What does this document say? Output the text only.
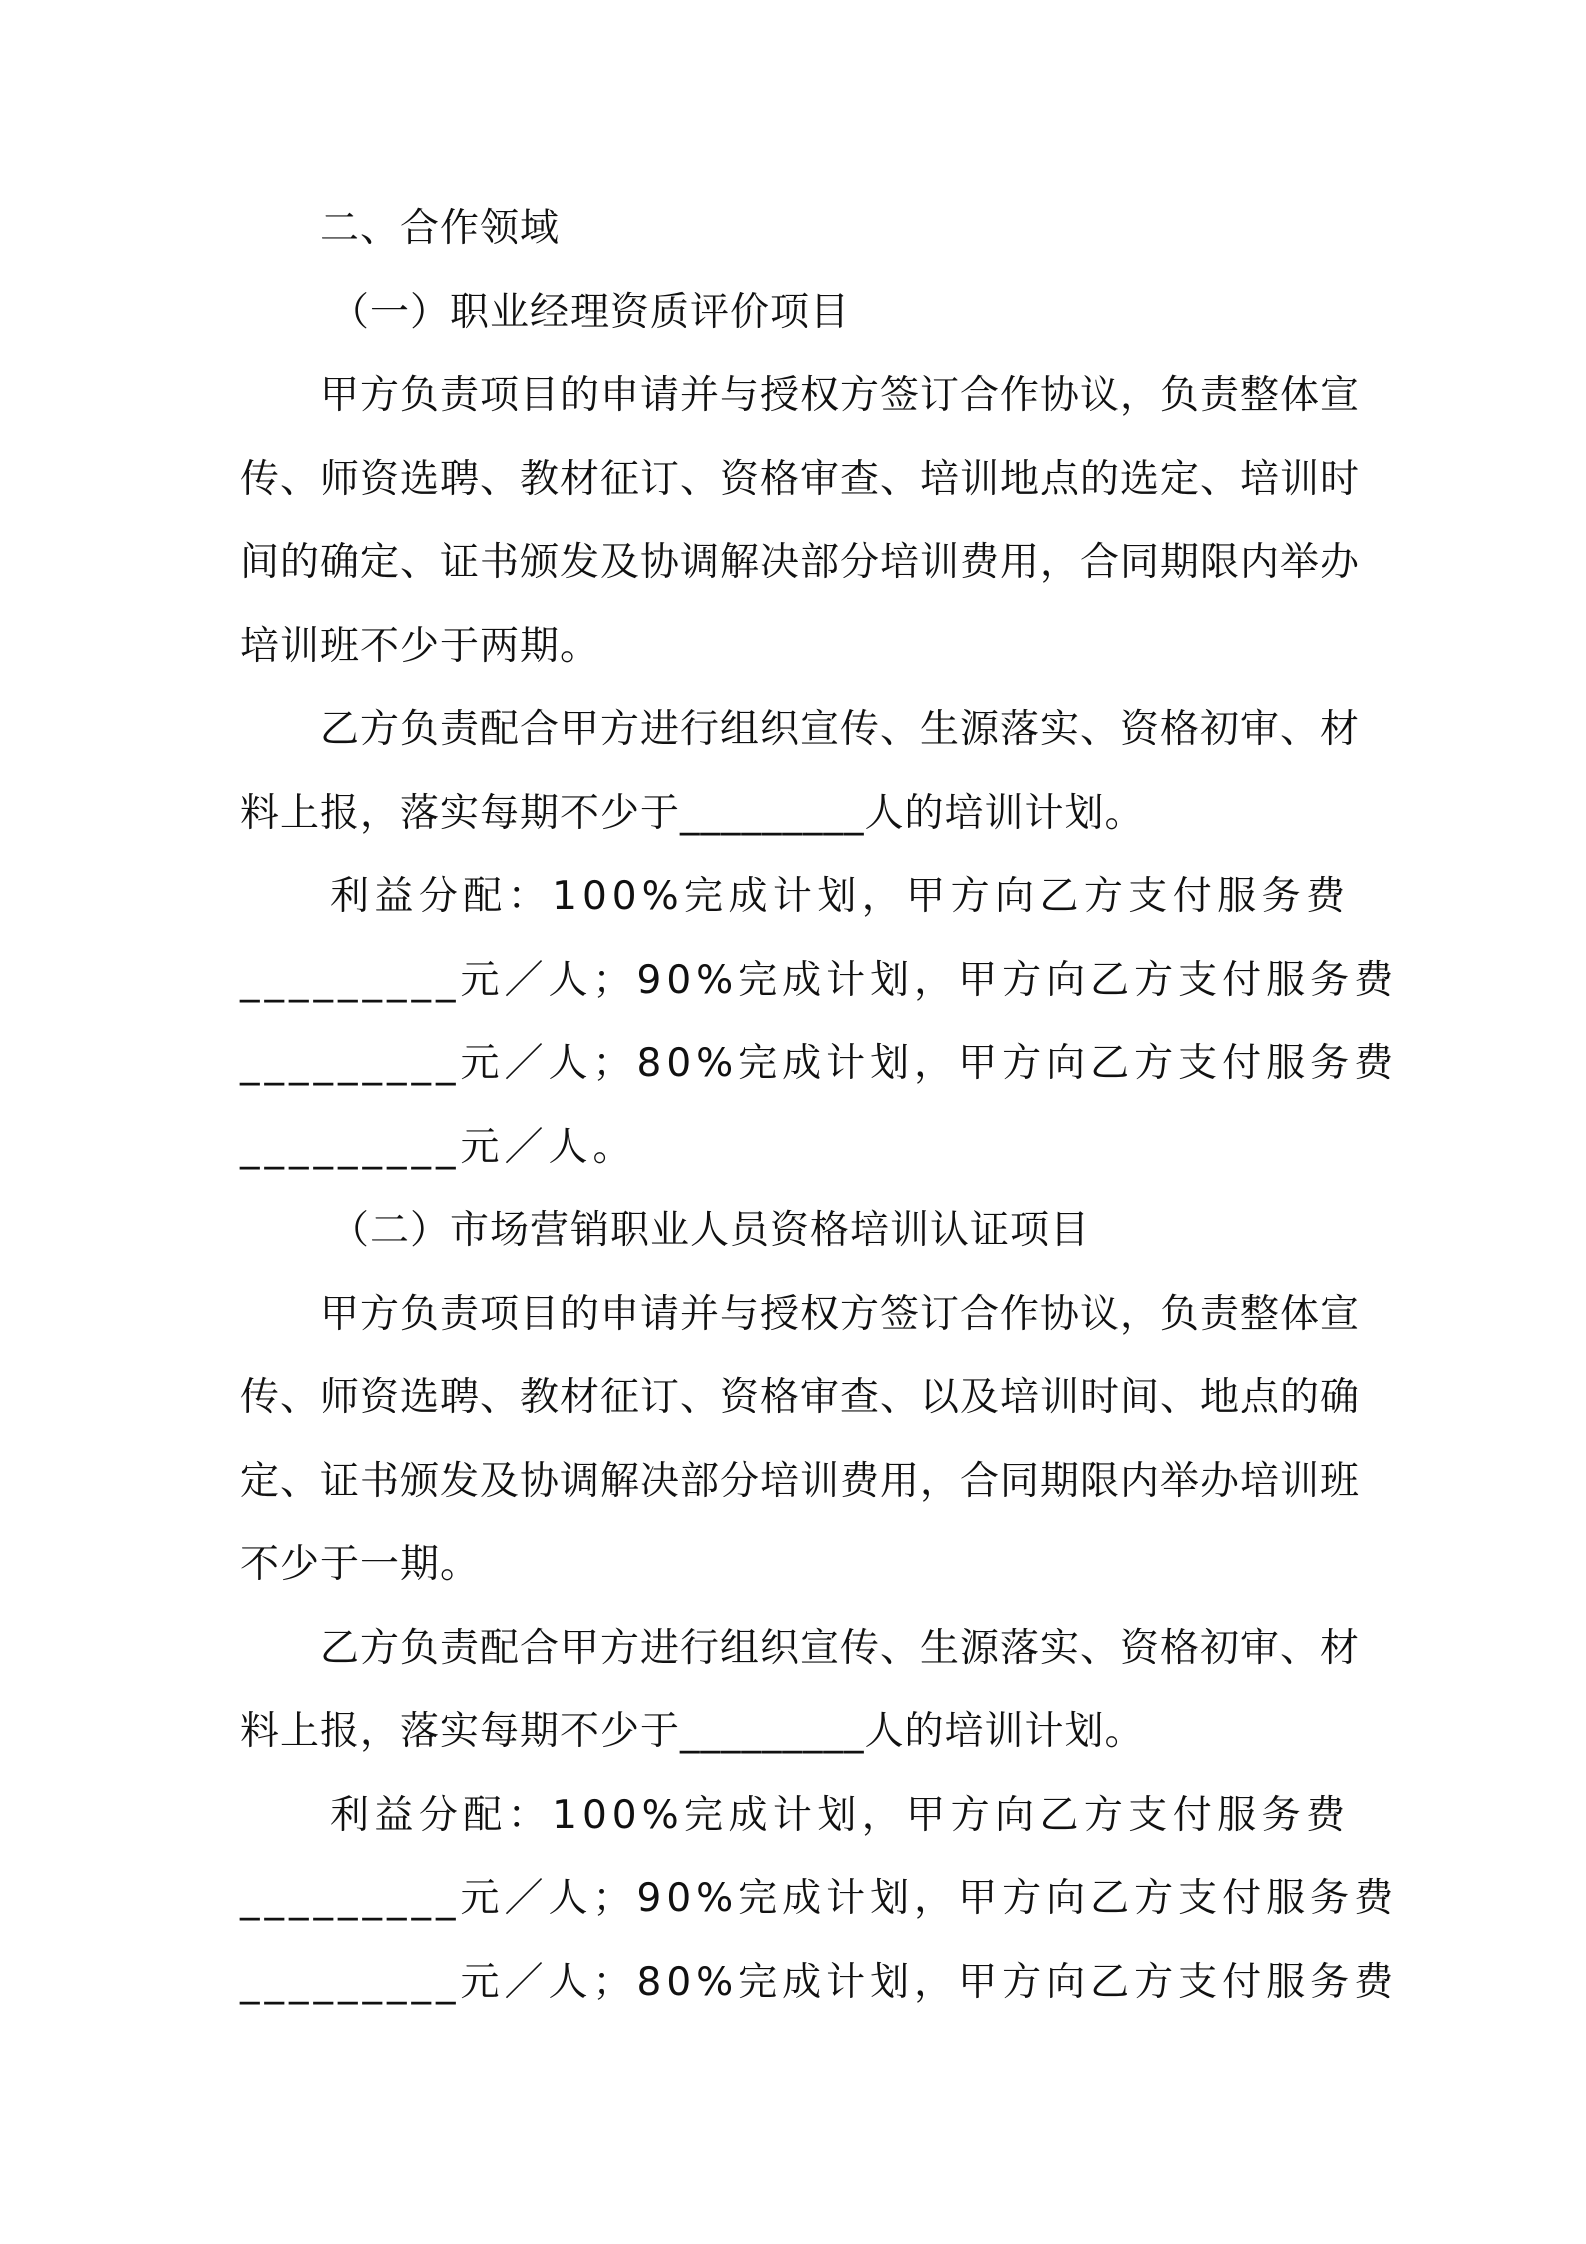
二、合作领域
（一）职业经理资质评价项目
甲方负责项目的申请并与授权方签订合作协议，负责整体宣
传、师资选聘、教材征订、资格审查、培训地点的选定、培训时
间的确定、证书颁发及协调解决部分培训费用，合同期限内举办
培训班不少于两期。
乙方负责配合甲方进行组织宣传、生源落实、资格初审、材
料上报，落实每期不少于_________人的培训计划。
利益分配：100%完成计划，甲方向乙方支付服务费
_________元／人；90%完成计划，甲方向乙方支付服务费
_________元／人；80%完成计划，甲方向乙方支付服务费
_________元／人。
（二）市场营销职业人员资格培训认证项目
甲方负责项目的申请并与授权方签订合作协议，负责整体宣
传、师资选聘、教材征订、资格审查、以及培训时间、地点的确
定、证书颁发及协调解决部分培训费用，合同期限内举办培训班
不少于一期。
乙方负责配合甲方进行组织宣传、生源落实、资格初审、材
料上报，落实每期不少于_________人的培训计划。
利益分配：100%完成计划，甲方向乙方支付服务费
_________元／人；90%完成计划，甲方向乙方支付服务费
_________元／人；80%完成计划，甲方向乙方支付服务费
